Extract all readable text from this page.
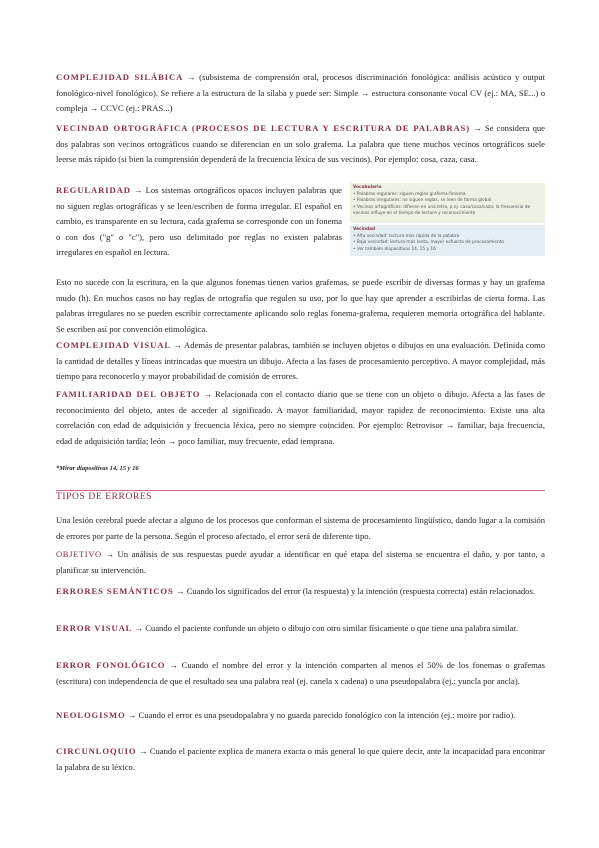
COMPLEJIDAD SILÁBICA → (subsistema de comprensión oral, procesos discriminación fonológica: análisis acústico y output fonológico-nivel fonológico). Se refiere a la estructura de la sílaba y puede ser: Simple → estructura consonante vocal CV (ej.: MA, SE...) o compleja → CCVC (ej.: PRAS...)

VECINDAD ORTOGRÁFICA (PROCESOS DE LECTURA Y ESCRITURA DE PALABRAS) → Se considera que dos palabras son vecinos ortográficos cuando se diferencian en un solo grafema. La palabra que tiene muchos vecinos ortográficos suele leerse más rápido (si bien la comprensión dependerá de la frecuencia léxica de sus vecinos). Por ejemplo: cosa, caza, casa.

REGULARIDAD → Los sistemas ortográficos opacos incluyen palabras que no siguen reglas ortográficas y se leen/escriben de forma irregular. El español en cambio, es transparente en su lectura, cada grafema se corresponde con un fonema o con dos ("g" o "c"), pero uso delimitado por reglas no existen palabras irregulares en español en lectura.

Vocabulario
• Palabras regulares: siguen reglas grafema-fonema
• Palabras irregulares: no siguen reglas, se leen de forma global
• Vecinos ortográficos: difieren en una letra, p.ej. casa/cosa/caza; la frecuencia de
vecinos influye en el tiempo de lectura y reconocimiento
Vecindad
• Alta vecindad: lectura más rápida de la palabra
• Baja vecindad: lectura más lenta, mayor esfuerzo de procesamiento
• Ver también diapositivas 14, 15 y 16

Esto no sucede con la escritura, en la que algunos fonemas tienen varios grafemas, se puede escribir de diversas formas y hay un grafema mudo (h). En muchos casos no hay reglas de ortografía que regulen su uso, por lo que hay que aprender a escribirlas de cierta forma. Las palabras irregulares no se pueden escribir correctamente aplicando solo reglas fonema-grafema, requieren memoria ortográfica del hablante. Se escriben así por convención etimológica.

COMPLEJIDAD VISUAL → Además de presentar palabras, también se incluyen objetos o dibujos en una evaluación. Definida como la cantidad de detalles y líneas intrincadas que muestra un dibujo. Afecta a las fases de procesamiento perceptivo. A mayor complejidad, más tiempo para reconocerlo y mayor probabilidad de comisión de errores.

FAMILIARIDAD DEL OBJETO → Relacionada con el contacto diario que se tiene con un objeto o dibujo. Afecta a las fases de reconocimiento del objeto, antes de acceder al significado. A mayor familiaridad, mayor rapidez de reconocimiento. Existe una alta correlación con edad de adquisición y frecuencia léxica, pero no siempre coinciden. Por ejemplo: Retrovisor → familiar, baja frecuencia, edad de adquisición tardía; león → poco familiar, muy frecuente, edad temprana.

*Mirar diapositivas 14, 15 y 16
TIPOS DE ERRORES

Una lesión cerebral puede afectar a alguno de los procesos que conforman el sistema de procesamiento lingüístico, dando lugar a la comisión de errores por parte de la persona. Según el proceso afectado, el error será de diferente tipo.

OBJETIVO → Un análisis de sus respuestas puede ayudar a identificar en qué etapa del sistema se encuentra el daño, y por tanto, a planificar su intervención.

ERRORES SEMÁNTICOS → Cuando los significados del error (la respuesta) y la intención (respuesta correcta) están relacionados.

ERROR VISUAL → Cuando el paciente confunde un objeto o dibujo con otro similar físicamente o que tiene una palabra similar.

ERROR FONOLÓGICO → Cuando el nombre del error y la intención comparten al menos el 50% de los fonemas o grafemas (escritura) con independencia de que el resultado sea una palabra real (ej. canela x cadena) o una pseudopalabra (ej.: yuncla por ancla).

NEOLOGISMO → Cuando el error es una pseudopalabra y no guarda parecido fonológico con la intención (ej.: moire por radio).

CIRCUNLOQUIO → Cuando el paciente explica de manera exacta o más general lo que quiere decir, ante la incapacidad para encontrar la palabra de su léxico.
